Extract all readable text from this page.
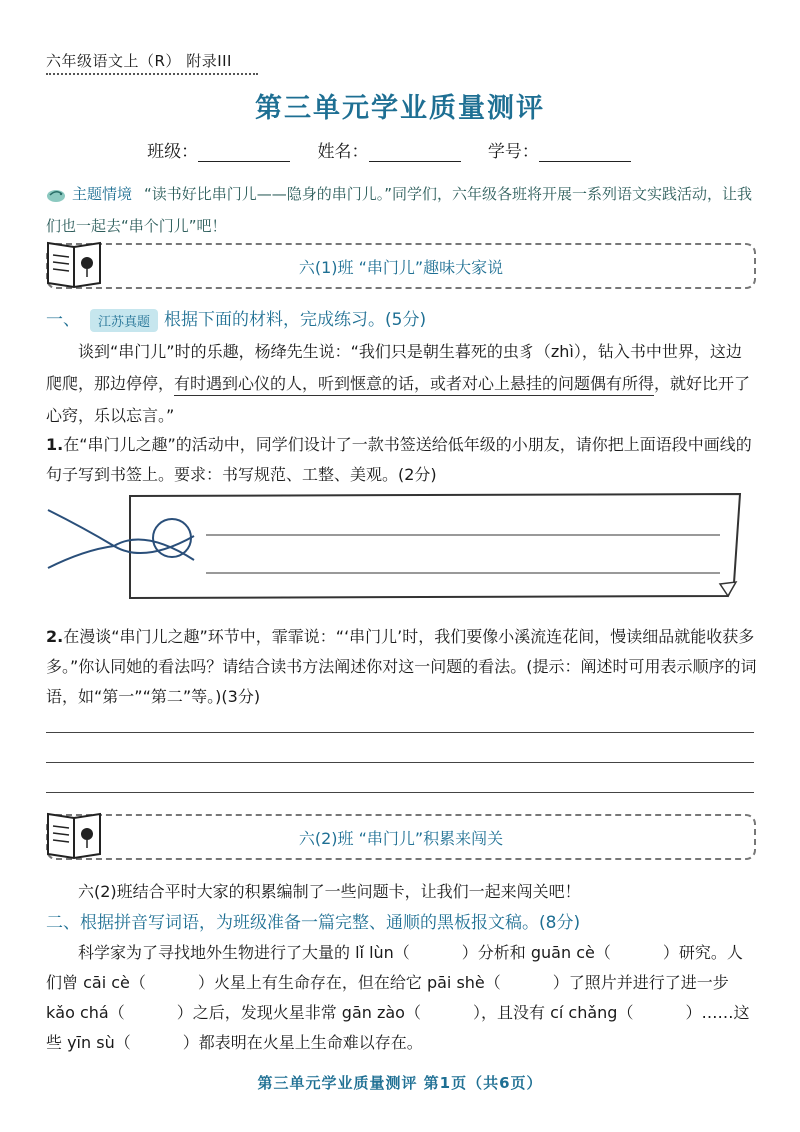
六年级语文上（R） 附录III
第三单元学业质量测评
班级：	姓名：	学号：
主题情境 “读书好比串门儿——隐身的串门儿。”同学们，六年级各班将开展一系列语文实践活动，让我们也一起去“串个门儿”吧！
六(1)班 “串门儿”趣味大家说
一、 江苏真题 根据下面的材料，完成练习。(5分)
谈到“串门儿”时的乐趣，杨绛先生说：“我们只是朝生暮死的虫豸（zhì），钻入书中世界，这边爬爬，那边停停，有时遇到心仪的人，听到惬意的话，或者对心上悬挂的问题偶有所得，就好比开了心窍，乐以忘言。”
1.在“串门儿之趣”的活动中，同学们设计了一款书签送给低年级的小朋友，请你把上面语段中画线的句子写到书签上。要求：书写规范、工整、美观。(2分)
2.在漫谈“串门儿之趣”环节中，霏霏说：“‘串门儿’时，我们要像小溪流连花间，慢读细品就能收获多多。”你认同她的看法吗？请结合读书方法阐述你对这一问题的看法。(提示：阐述时可用表示顺序的词语，如“第一”“第二”等。)(3分)
六(2)班 “串门儿”积累来闯关
六(2)班结合平时大家的积累编制了一些问题卡，让我们一起来闯关吧！
二、根据拼音写词语，为班级准备一篇完整、通顺的黑板报文稿。(8分)
科学家为了寻找地外生物进行了大量的 lǐ lùn（	）分析和 guān cè（	）研究。人们曾 cāi cè（	）火星上有生命存在，但在给它 pāi shè（	）了照片并进行了进一步 kǎo chá（	）之后，发现火星非常 gān zào（	），且没有 cí chǎng（	）……这些 yīn sù（	）都表明在火星上生命难以存在。
第三单元学业质量测评 第1页（共6页）
